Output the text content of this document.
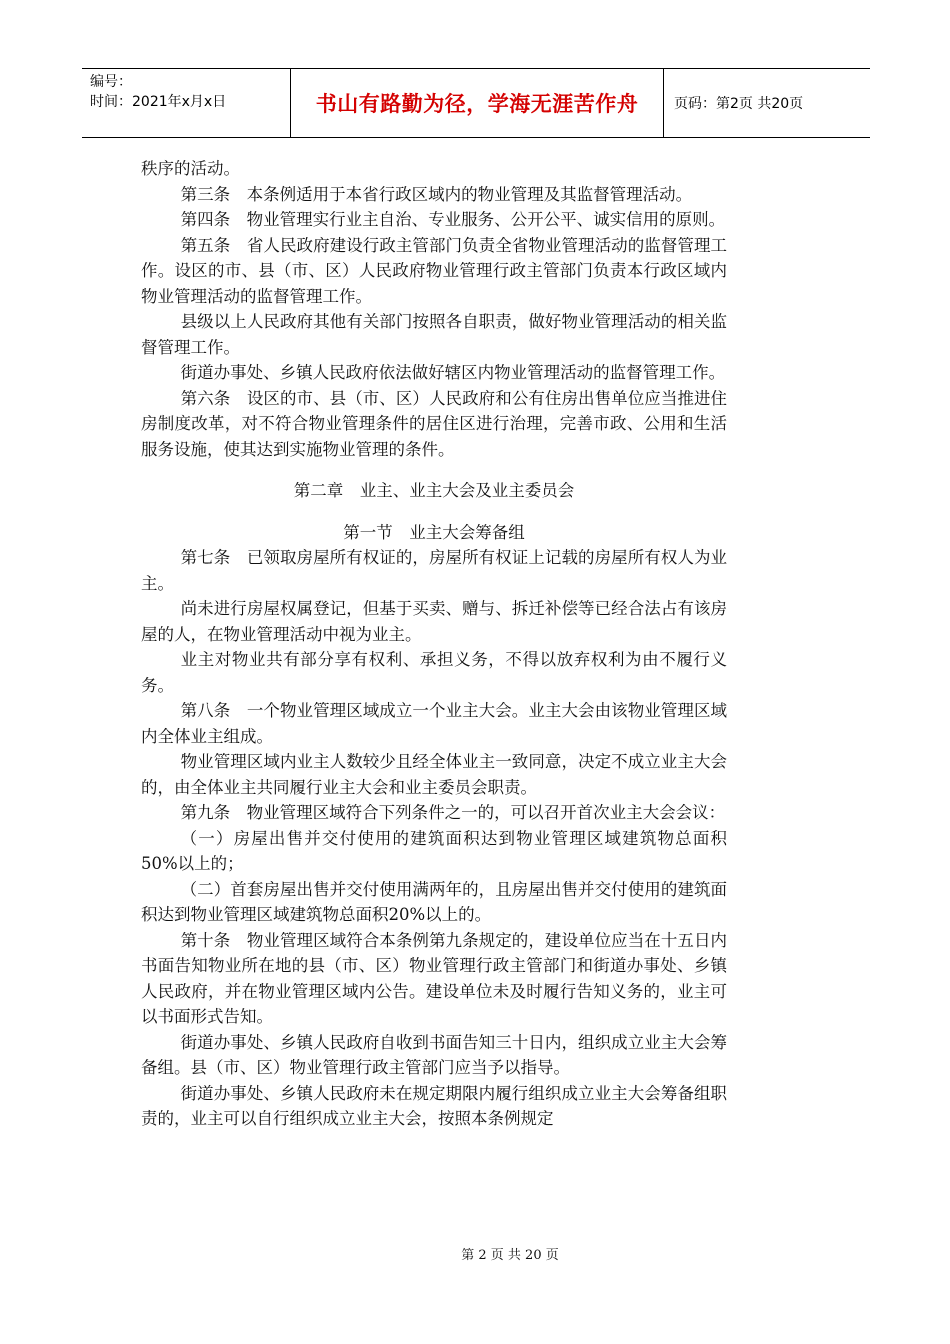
编号：
时间：2021年x月x日	书山有路勤为径，学海无涯苦作舟	页码：第2页 共20页

秩序的活动。

第三条　本条例适用于本省行政区域内的物业管理及其监督管理活动。

第四条　物业管理实行业主自治、专业服务、公开公平、诚实信用的原则。

第五条　省人民政府建设行政主管部门负责全省物业管理活动的监督管理工作。设区的市、县（市、区）人民政府物业管理行政主管部门负责本行政区域内物业管理活动的监督管理工作。

县级以上人民政府其他有关部门按照各自职责，做好物业管理活动的相关监督管理工作。

街道办事处、乡镇人民政府依法做好辖区内物业管理活动的监督管理工作。

第六条　设区的市、县（市、区）人民政府和公有住房出售单位应当推进住房制度改革，对不符合物业管理条件的居住区进行治理，完善市政、公用和生活服务设施，使其达到实施物业管理的条件。

第二章　业主、业主大会及业主委员会
第一节　业主大会筹备组

第七条　已领取房屋所有权证的，房屋所有权证上记载的房屋所有权人为业主。

尚未进行房屋权属登记，但基于买卖、赠与、拆迁补偿等已经合法占有该房屋的人，在物业管理活动中视为业主。

业主对物业共有部分享有权利、承担义务，不得以放弃权利为由不履行义务。

第八条　一个物业管理区域成立一个业主大会。业主大会由该物业管理区域内全体业主组成。

物业管理区域内业主人数较少且经全体业主一致同意，决定不成立业主大会的，由全体业主共同履行业主大会和业主委员会职责。

第九条　物业管理区域符合下列条件之一的，可以召开首次业主大会会议：

（一）房屋出售并交付使用的建筑面积达到物业管理区域建筑物总面积50%以上的；

（二）首套房屋出售并交付使用满两年的，且房屋出售并交付使用的建筑面积达到物业管理区域建筑物总面积20%以上的。

第十条　物业管理区域符合本条例第九条规定的，建设单位应当在十五日内书面告知物业所在地的县（市、区）物业管理行政主管部门和街道办事处、乡镇人民政府，并在物业管理区域内公告。建设单位未及时履行告知义务的，业主可以书面形式告知。

街道办事处、乡镇人民政府自收到书面告知三十日内，组织成立业主大会筹备组。县（市、区）物业管理行政主管部门应当予以指导。

街道办事处、乡镇人民政府未在规定期限内履行组织成立业主大会筹备组职责的，业主可以自行组织成立业主大会，按照本条例规定

第 2 页 共 20 页
